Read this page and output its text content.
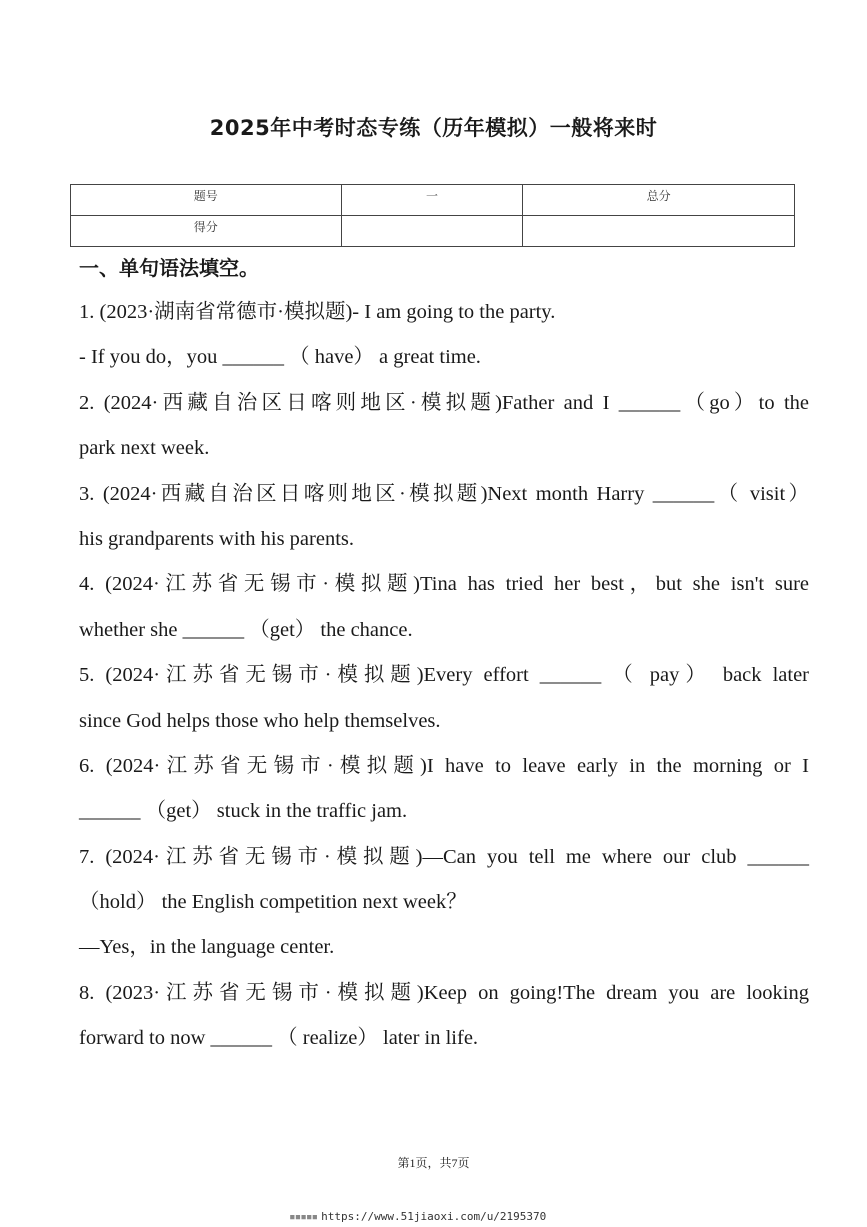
2025年中考时态专练（历年模拟）一般将来时
题号	一	总分
得分		
一、单句语法填空。
1. (2023·湖南省常德市·模拟题)- I am going to the party.
- If you do，you ______ （ have） a great time.
2. (2024·西藏自治区日喀则地区·模拟题)Father and I ______（go）to the
park next week.
3. (2024·西藏自治区日喀则地区·模拟题)Next month Harry ______（ visit）
his grandparents with his parents.
4. (2024·江苏省无锡市·模拟题)Tina has tried her best，but she isn't sure
whether she ______ （get） the chance.
5. (2024·江苏省无锡市·模拟题)Every effort ______ （ pay） back later
since God helps those who help themselves.
6. (2024·江苏省无锡市·模拟题)I have to leave early in the morning or I
______ （get） stuck in the traffic jam.
7. (2024·江苏省无锡市·模拟题)—Can you tell me where our club ______
（hold） the English competition next week？
—Yes，in the language center.
8. (2023·江苏省无锡市·模拟题)Keep on going!The dream you are looking
forward to now ______ （ realize） later in life.
第1页，共7页
▪▪▪▪▪ https://www.51jiaoxi.com/u/2195370
